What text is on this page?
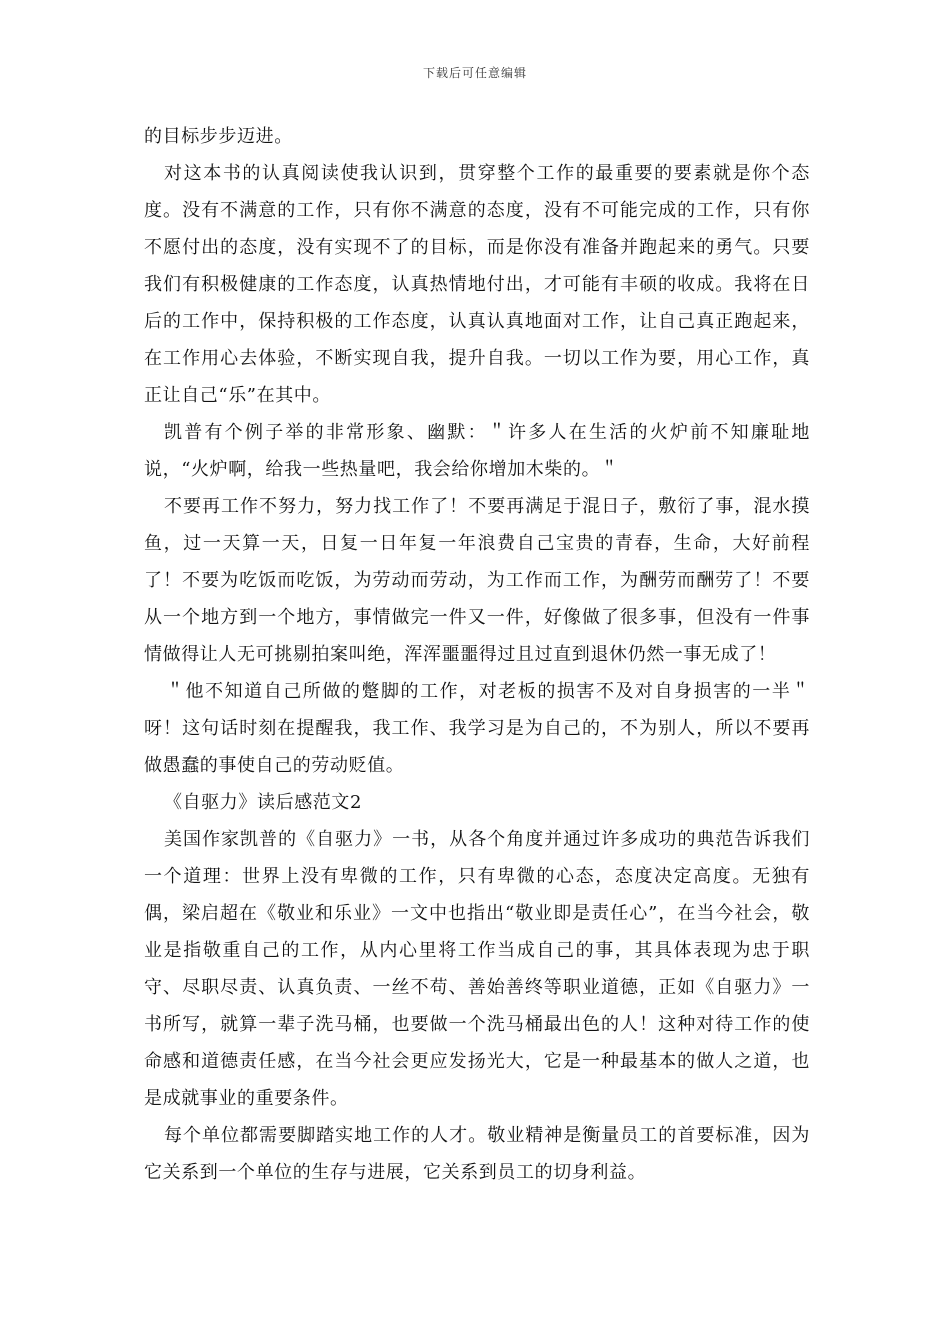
下载后可任意编辑

的目标步步迈进。

对这本书的认真阅读使我认识到，贯穿整个工作的最重要的要素就是你个态度。没有不满意的工作，只有你不满意的态度，没有不可能完成的工作，只有你不愿付出的态度，没有实现不了的目标，而是你没有准备并跑起来的勇气。只要我们有积极健康的工作态度，认真热情地付出，才可能有丰硕的收成。我将在日后的工作中，保持积极的工作态度，认真认真地面对工作，让自己真正跑起来，在工作用心去体验，不断实现自我，提升自我。一切以工作为要，用心工作，真正让自己“乐”在其中。

凯普有个例子举的非常形象、幽默：＂许多人在生活的火炉前不知廉耻地说，“火炉啊，给我一些热量吧，我会给你增加木柴的。＂

不要再工作不努力，努力找工作了！不要再满足于混日子，敷衍了事，混水摸鱼，过一天算一天，日复一日年复一年浪费自己宝贵的青春，生命，大好前程了！不要为吃饭而吃饭，为劳动而劳动，为工作而工作，为酬劳而酬劳了！不要从一个地方到一个地方，事情做完一件又一件，好像做了很多事，但没有一件事情做得让人无可挑剔拍案叫绝，浑浑噩噩得过且过直到退休仍然一事无成了！

＂他不知道自己所做的蹩脚的工作，对老板的损害不及对自身损害的一半＂呀！这句话时刻在提醒我，我工作、我学习是为自己的，不为别人，所以不要再做愚蠢的事使自己的劳动贬值。

《自驱力》读后感范文2

美国作家凯普的《自驱力》一书，从各个角度并通过许多成功的典范告诉我们一个道理：世界上没有卑微的工作，只有卑微的心态，态度决定高度。无独有偶，梁启超在《敬业和乐业》一文中也指出“敬业即是责任心”，在当今社会，敬业是指敬重自己的工作，从内心里将工作当成自己的事，其具体表现为忠于职守、尽职尽责、认真负责、一丝不苟、善始善终等职业道德，正如《自驱力》一书所写，就算一辈子洗马桶，也要做一个洗马桶最出色的人！这种对待工作的使命感和道德责任感，在当今社会更应发扬光大，它是一种最基本的做人之道，也是成就事业的重要条件。

每个单位都需要脚踏实地工作的人才。敬业精神是衡量员工的首要标准，因为它关系到一个单位的生存与进展，它关系到员工的切身利益。
